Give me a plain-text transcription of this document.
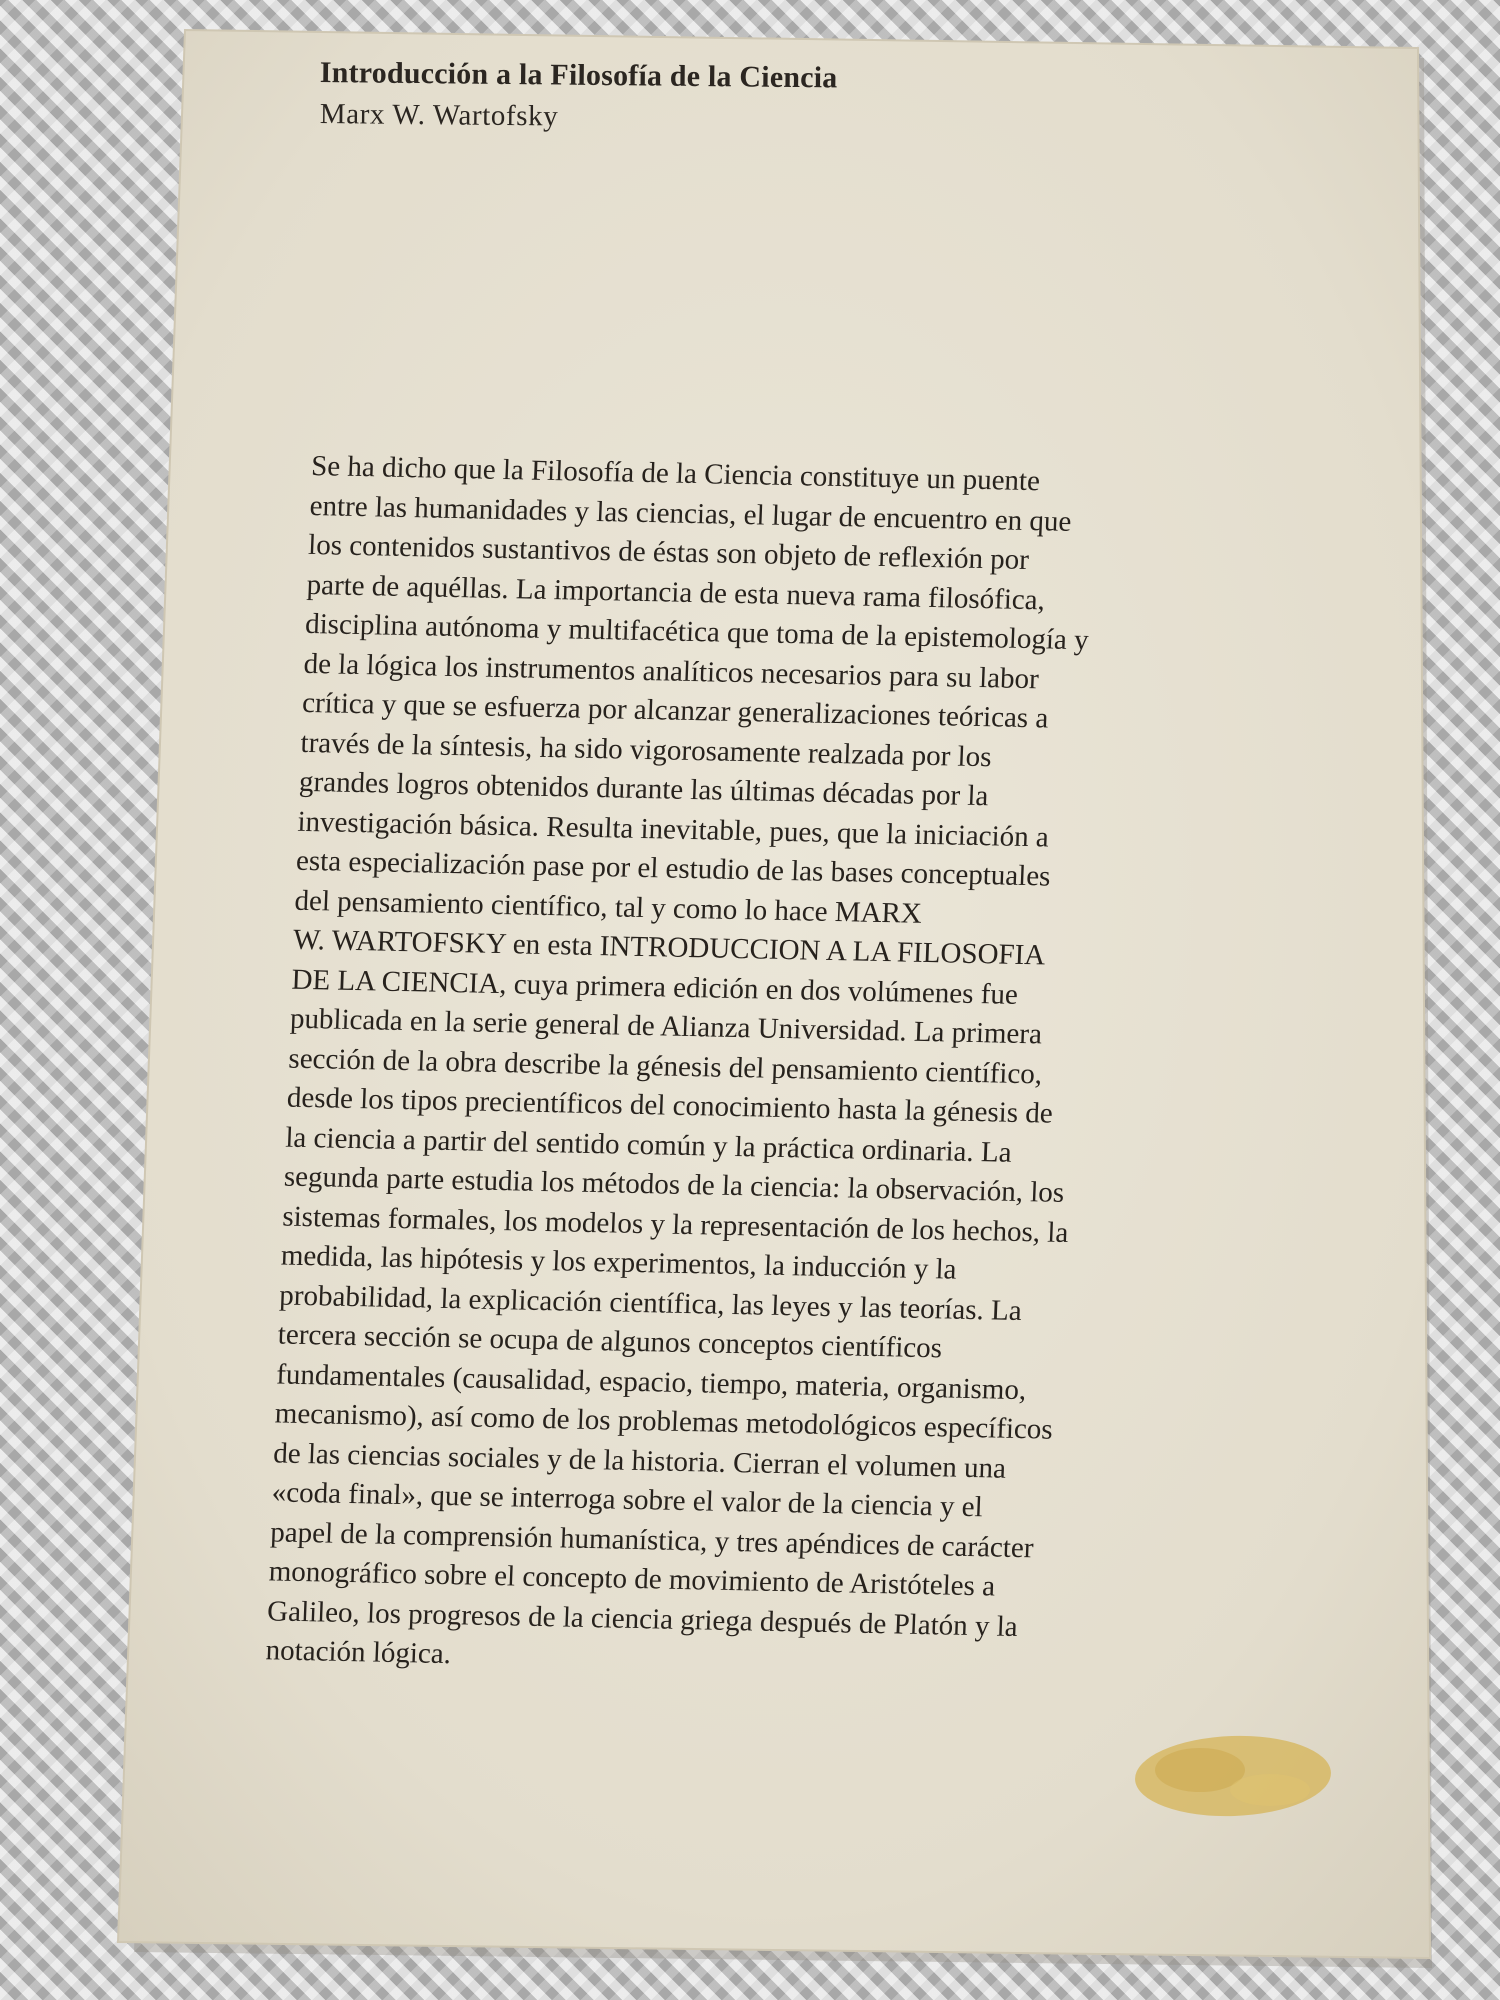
Introducción a la Filosofía de la Ciencia

Marx W. Wartofsky

Se ha dicho que la Filosofía de la Ciencia constituye un puente
entre las humanidades y las ciencias, el lugar de encuentro en que
los contenidos sustantivos de éstas son objeto de reflexión por
parte de aquéllas. La importancia de esta nueva rama filosófica,
disciplina autónoma y multifacética que toma de la epistemología y
de la lógica los instrumentos analíticos necesarios para su labor
crítica y que se esfuerza por alcanzar generalizaciones teóricas a
través de la síntesis, ha sido vigorosamente realzada por los
grandes logros obtenidos durante las últimas décadas por la
investigación básica. Resulta inevitable, pues, que la iniciación a
esta especialización pase por el estudio de las bases conceptuales
del pensamiento científico, tal y como lo hace MARX
W. WARTOFSKY en esta INTRODUCCION A LA FILOSOFIA
DE LA CIENCIA, cuya primera edición en dos volúmenes fue
publicada en la serie general de Alianza Universidad. La primera
sección de la obra describe la génesis del pensamiento científico,
desde los tipos precientíficos del conocimiento hasta la génesis de
la ciencia a partir del sentido común y la práctica ordinaria. La
segunda parte estudia los métodos de la ciencia: la observación, los
sistemas formales, los modelos y la representación de los hechos, la
medida, las hipótesis y los experimentos, la inducción y la
probabilidad, la explicación científica, las leyes y las teorías. La
tercera sección se ocupa de algunos conceptos científicos
fundamentales (causalidad, espacio, tiempo, materia, organismo,
mecanismo), así como de los problemas metodológicos específicos
de las ciencias sociales y de la historia. Cierran el volumen una
«coda final», que se interroga sobre el valor de la ciencia y el
papel de la comprensión humanística, y tres apéndices de carácter
monográfico sobre el concepto de movimiento de Aristóteles a
Galileo, los progresos de la ciencia griega después de Platón y la
notación lógica.
